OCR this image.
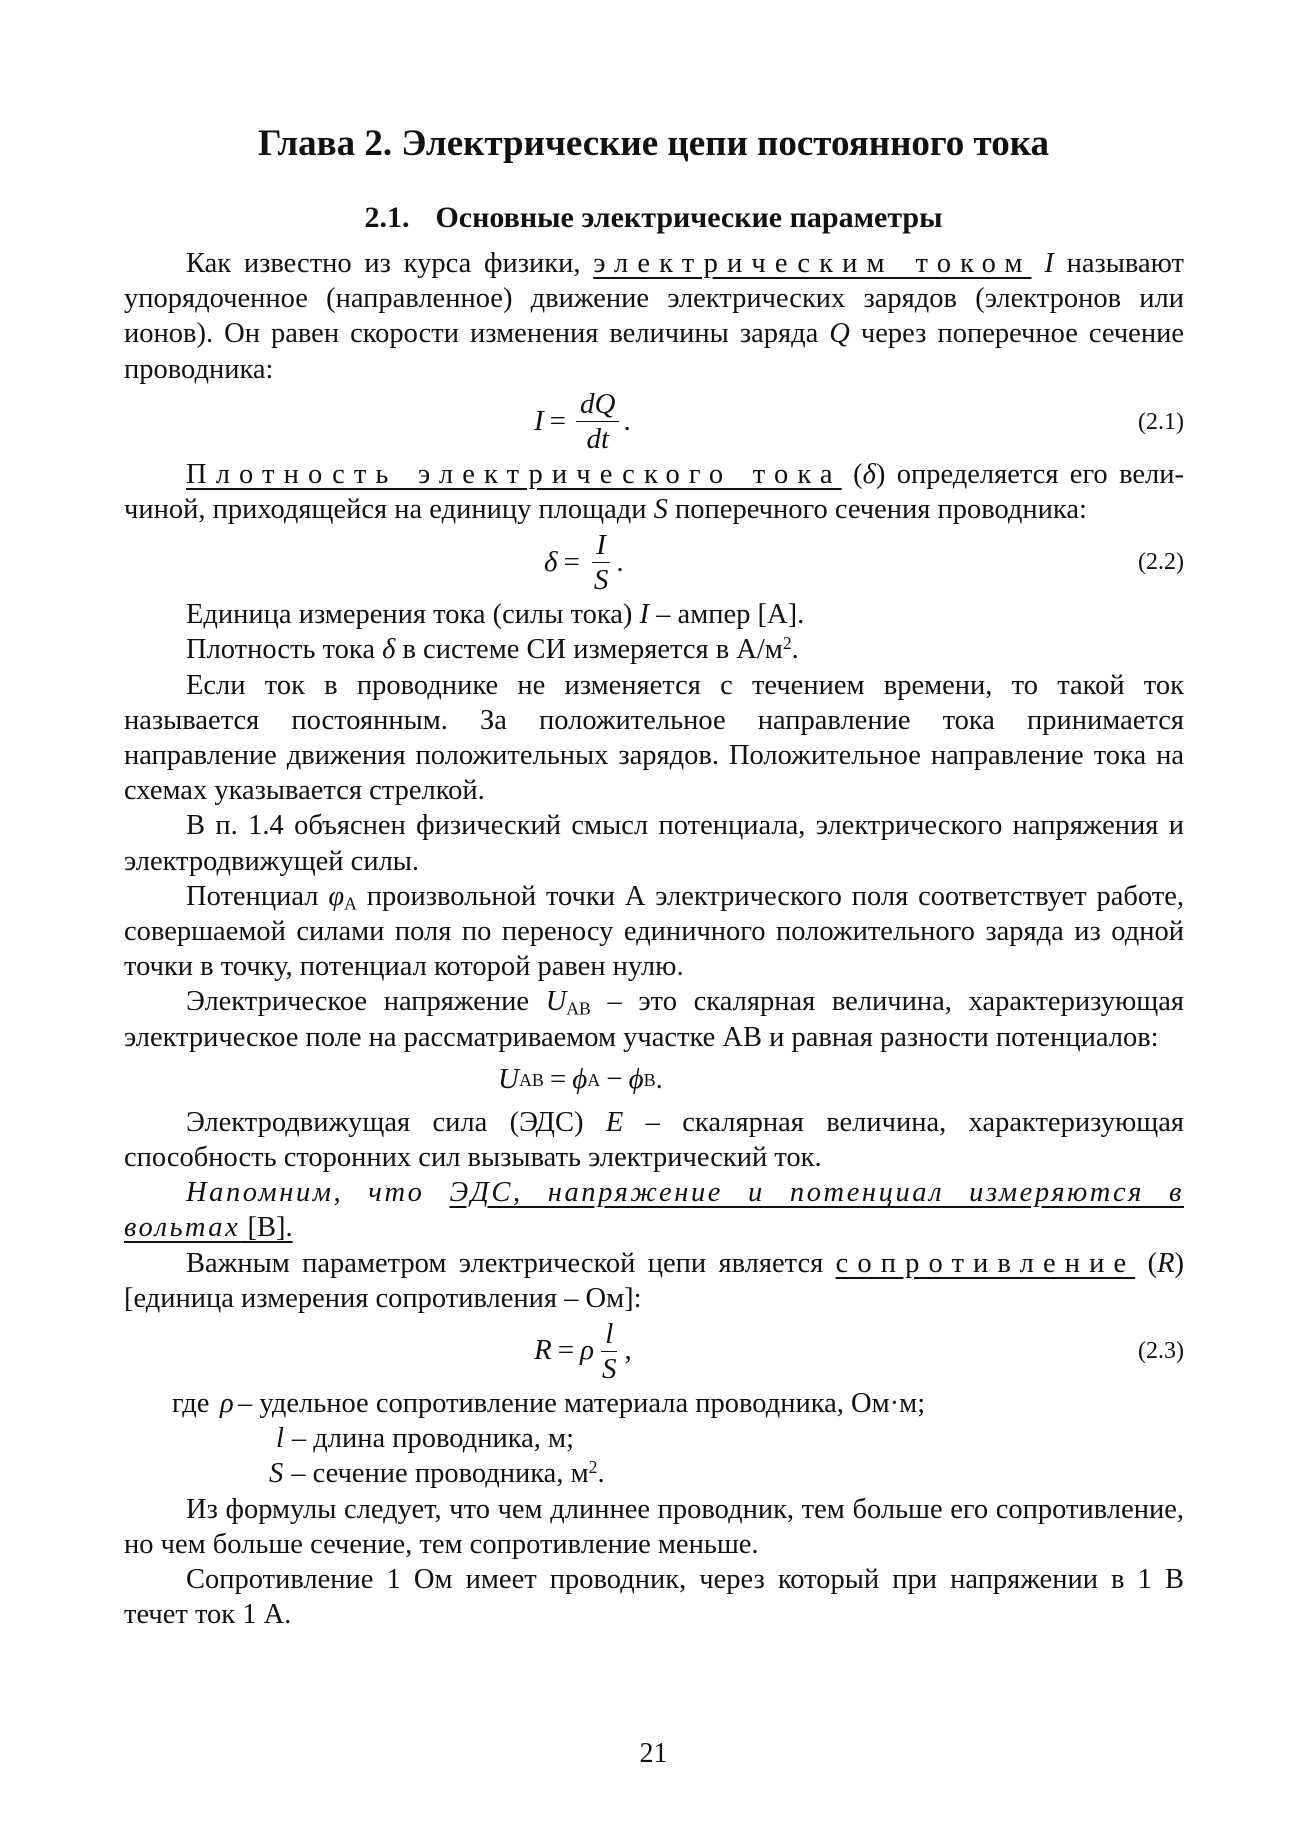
Глава 2. Электрические цепи постоянного тока
2.1. Основные электрические параметры

Как известно из курса физики, электрическим током I называют упорядоченное (направленное) движение электрических зарядов (электронов или ионов). Он равен скорости изменения величины заряда Q через поперечное сечение проводника:

$I = \frac{dQ}{dt}$ .	(2.1)

Плотность электрического тока (δ) определяется его величиной, приходящейся на единицу площади S поперечного сечения проводника:

$\delta = \frac{I}{S}$ .	(2.2)

Единица измерения тока (силы тока) I – ампер [А].

Плотность тока δ в системе СИ измеряется в $А/м^2$.

Если ток в проводнике не изменяется с течением времени, то такой ток называется постоянным. За положительное направление тока принимается направление движения положительных зарядов. Положительное направление тока на схемах указывается стрелкой.

В п. 1.4 объяснен физический смысл потенциала, электрического напряжения и электродвижущей силы.

Потенциал $\varphi_А$ произвольной точки А электрического поля соответствует работе, совершаемой силами поля по переносу единичного положительного заряда из одной точки в точку, потенциал которой равен нулю.

Электрическое напряжение $U_{АВ}$ – это скалярная величина, характеризующая электрическое поле на рассматриваемом участке АВ и равная разности потенциалов:

U АВ = ϕ А − ϕ В .

Электродвижущая сила (ЭДС) E – скалярная величина, характеризующая способность сторонних сил вызывать электрический ток.

Напомним, что ЭДС, напряжение и потенциал измеряются в вольтах [В].

Важным параметром электрической цепи является сопротивление (R) [единица измерения сопротивления – Ом]:

R = ρ $\frac{l}{S}$ ,	(2.3)
где ρ – удельное сопротивление материала проводника, Ом·м;
l – длина проводника, м;
S – сечение проводника, $м^2$.

Из формулы следует, что чем длиннее проводник, тем больше его сопротивление, но чем больше сечение, тем сопротивление меньше.

Сопротивление 1 Ом имеет проводник, через который при напряжении в 1 В течет ток 1 А.

21
